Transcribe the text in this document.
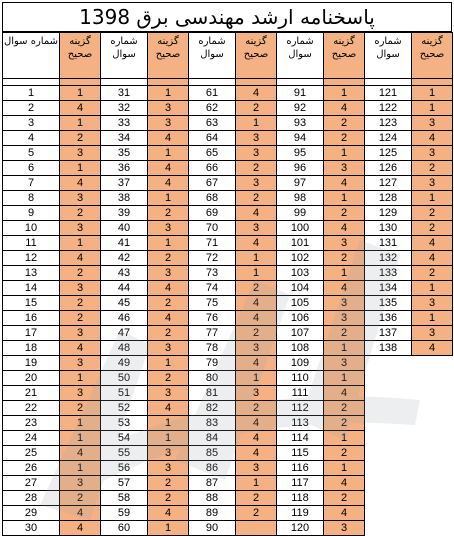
پاسخنامه ارشد مهندسی برق 1398
گزینه صحیح	شماره سوال	گزینه صحیح	شماره سوال	گزینه صحیح	شماره سوال	گزینه صحیح	شماره سوال	گزینه صحیح	شماره سوال

1	121	1	91	4	61	1	31	1	1
1	122	4	92	2	62	3	32	4	2
3	123	2	93	1	63	3	33	1	3
4	124	2	94	3	64	4	34	2	4
3	125	1	95	3	65	1	35	3	5
2	126	3	96	2	66	4	36	1	6
3	127	4	97	3	67	4	37	4	7
1	128	1	98	2	68	1	38	3	8
2	129	2	99	4	69	2	39	2	9
2	130	4	100	3	70	3	40	3	10
4	131	3	101	4	71	1	41	1	11
4	132	2	102	1	72	2	42	4	12
2	133	1	103	1	73	3	43	2	13
1	134	4	104	2	74	4	44	3	14
3	135	3	105	4	75	2	45	2	15
1	136	3	106	4	76	4	46	2	16
3	137	2	107	2	77	2	47	3	17
4	138	1	108	3	78	3	48	4	18
		3	109	4	79	1	49	3	19
		1	110	1	80	2	50	1	20
		4	111	3	81	3	51	3	21
		2	112	2	82	4	52	2	22
		2	113	4	83	1	53	1	23
		1	114	4	84	1	54	1	24
		2	115	4	85	3	55	4	25
		1	116	3	86	3	56	1	26
		4	117	1	87	2	57	3	27
		2	118	2	88	2	58	2	28
		4	119	2	89	4	59	4	29
		3	120		90	1	60	4	30
